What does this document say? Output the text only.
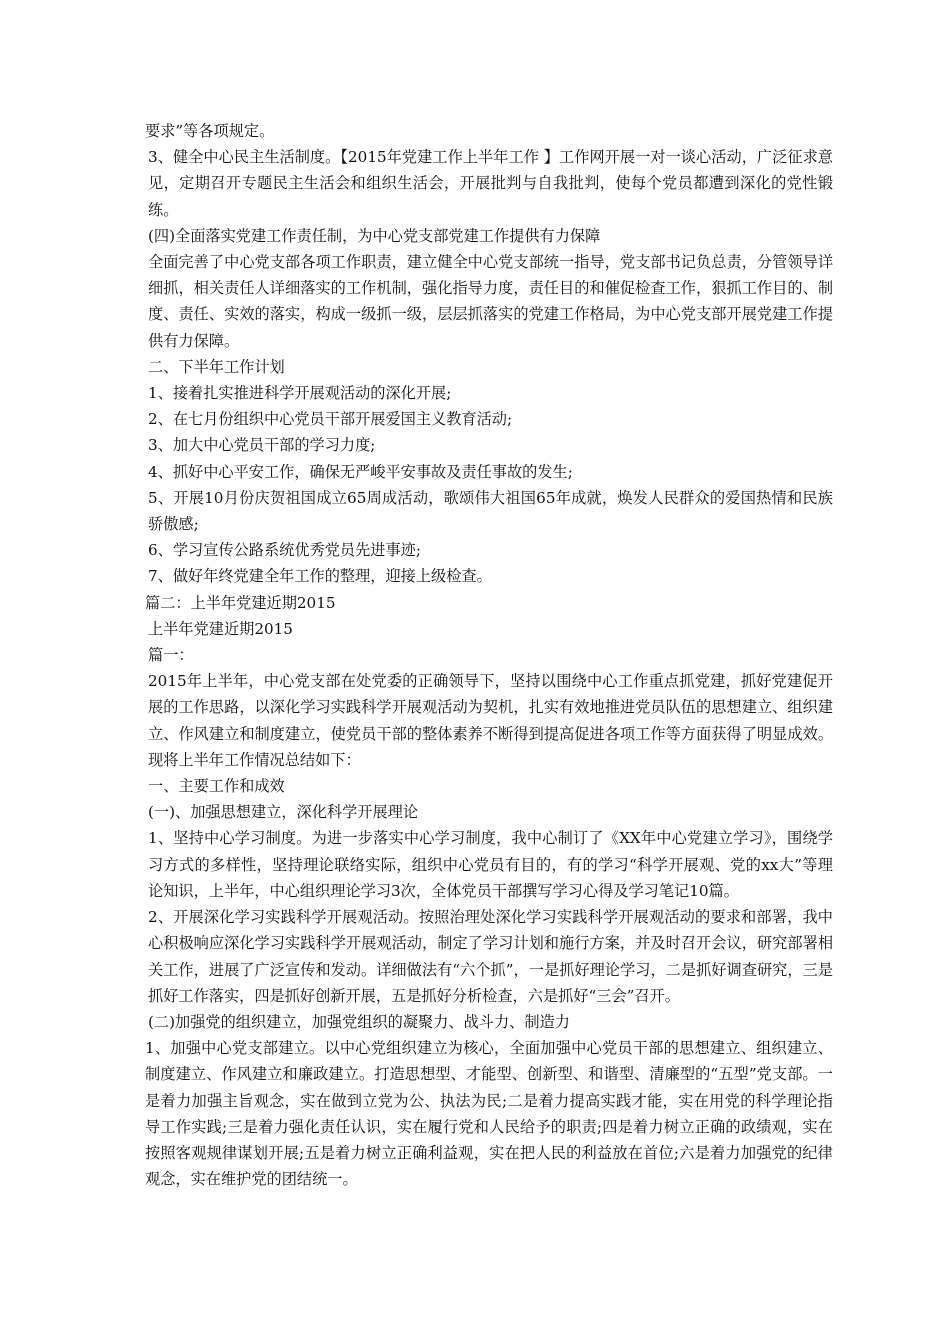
要求”等各项规定。

3、健全中心民主生活制度。【2015年党建工作上半年工作 】工作网开展一对一谈心活动，广泛征求意见，定期召开专题民主生活会和组织生活会，开展批判与自我批判，使每个党员都遭到深化的党性锻练。

(四)全面落实党建工作责任制，为中心党支部党建工作提供有力保障

全面完善了中心党支部各项工作职责，建立健全中心党支部统一指导，党支部书记负总责，分管领导详细抓，相关责任人详细落实的工作机制，强化指导力度，责任目的和催促检查工作，狠抓工作目的、制度、责任、实效的落实，构成一级抓一级，层层抓落实的党建工作格局，为中心党支部开展党建工作提供有力保障。

二、下半年工作计划

1、接着扎实推进科学开展观活动的深化开展;

2、在七月份组织中心党员干部开展爱国主义教育活动;

3、加大中心党员干部的学习力度;

4、抓好中心平安工作，确保无严峻平安事故及责任事故的发生;

5、开展10月份庆贺祖国成立65周成活动，歌颂伟大祖国65年成就，焕发人民群众的爱国热情和民族骄傲感;

6、学习宣传公路系统优秀党员先进事迹;

7、做好年终党建全年工作的整理，迎接上级检查。

篇二：上半年党建近期2015

上半年党建近期2015

篇一：

2015年上半年，中心党支部在处党委的正确领导下，坚持以围绕中心工作重点抓党建，抓好党建促开展的工作思路，以深化学习实践科学开展观活动为契机，扎实有效地推进党员队伍的思想建立、组织建立、作风建立和制度建立，使党员干部的整体素养不断得到提高促进各项工作等方面获得了明显成效。现将上半年工作情况总结如下：

一、主要工作和成效

(一)、加强思想建立，深化科学开展理论

1、坚持中心学习制度。为进一步落实中心学习制度，我中心制订了《XX年中心党建立学习》，围绕学习方式的多样性，坚持理论联络实际，组织中心党员有目的，有的学习“科学开展观、党的xx大”等理论知识，上半年，中心组织理论学习3次，全体党员干部撰写学习心得及学习笔记10篇。

2、开展深化学习实践科学开展观活动。按照治理处深化学习实践科学开展观活动的要求和部署，我中心积极响应深化学习实践科学开展观活动，制定了学习计划和施行方案，并及时召开会议，研究部署相关工作，进展了广泛宣传和发动。详细做法有“六个抓”，一是抓好理论学习，二是抓好调查研究，三是抓好工作落实，四是抓好创新开展，五是抓好分析检查，六是抓好“三会”召开。

(二)加强党的组织建立，加强党组织的凝聚力、战斗力、制造力

1、加强中心党支部建立。以中心党组织建立为核心，全面加强中心党员干部的思想建立、组织建立、制度建立、作风建立和廉政建立。打造思想型、才能型、创新型、和谐型、清廉型的“五型”党支部。一是着力加强主旨观念，实在做到立党为公、执法为民;二是着力提高实践才能，实在用党的科学理论指导工作实践;三是着力强化责任认识，实在履行党和人民给予的职责;四是着力树立正确的政绩观，实在按照客观规律谋划开展;五是着力树立正确利益观，实在把人民的利益放在首位;六是着力加强党的纪律观念，实在维护党的团结统一。
